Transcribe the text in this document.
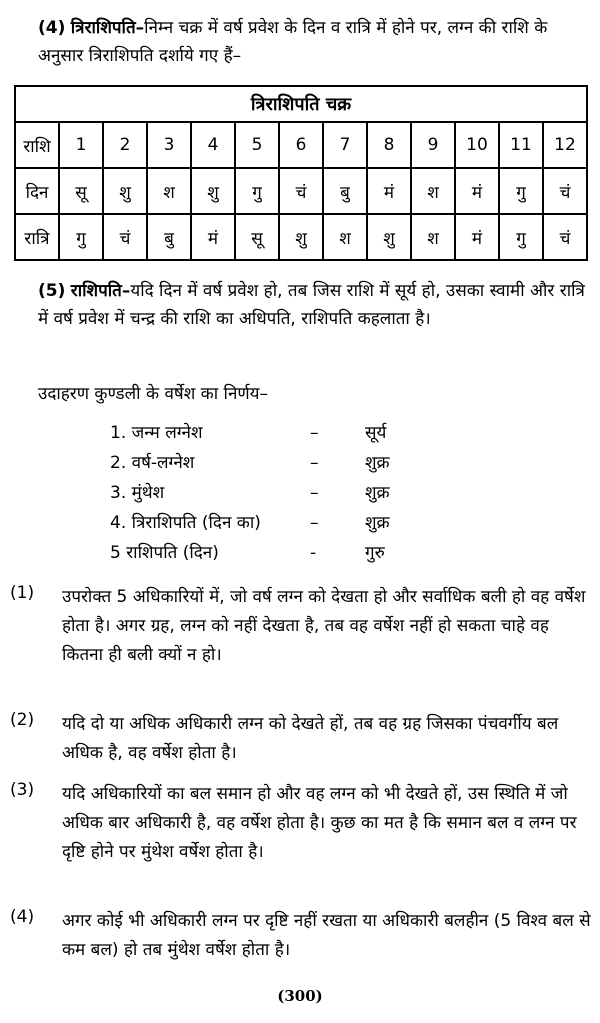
(4) त्रिराशिपति–निम्न चक्र में वर्ष प्रवेश के दिन व रात्रि में होने पर, लग्न की राशि के अनुसार त्रिराशिपति दर्शाये गए हैं–
त्रिराशिपति चक्र												
राशि	1	2	3	4	5	6	7	8	9	10	11	12
दिन	सू	शु	श	शु	गु	चं	बु	मं	श	मं	गु	चं
रात्रि	गु	चं	बु	मं	सू	शु	श	शु	श	मं	गु	चं
(5) राशिपति–यदि दिन में वर्ष प्रवेश हो, तब जिस राशि में सूर्य हो, उसका स्वामी और रात्रि में वर्ष प्रवेश में चन्द्र की राशि का अधिपति, राशिपति कहलाता है।
उदाहरण कुण्डली के वर्षेश का निर्णय–
1. जन्म लग्नेश	–	सूर्य
2. वर्ष-लग्नेश	–	शुक्र
3. मुंथेश	–	शुक्र
4. त्रिराशिपति (दिन का)	–	शुक्र
5 राशिपति (दिन)	-	गुरु
(1) उपरोक्त 5 अधिकारियों में, जो वर्ष लग्न को देखता हो और सर्वाधिक बली हो वह वर्षेश होता है। अगर ग्रह, लग्न को नहीं देखता है, तब वह वर्षेश नहीं हो सकता चाहे वह कितना ही बली क्यों न हो।
(2) यदि दो या अधिक अधिकारी लग्न को देखते हों, तब वह ग्रह जिसका पंचवर्गीय बल अधिक है, वह वर्षेश होता है।
(3) यदि अधिकारियों का बल समान हो और वह लग्न को भी देखते हों, उस स्थिति में जो अधिक बार अधिकारी है, वह वर्षेश होता है। कुछ का मत है कि समान बल व लग्न पर दृष्टि होने पर मुंथेश वर्षेश होता है।
(4) अगर कोई भी अधिकारी लग्न पर दृष्टि नहीं रखता या अधिकारी बलहीन (5 विश्व बल से कम बल) हो तब मुंथेश वर्षेश होता है।
(300)
